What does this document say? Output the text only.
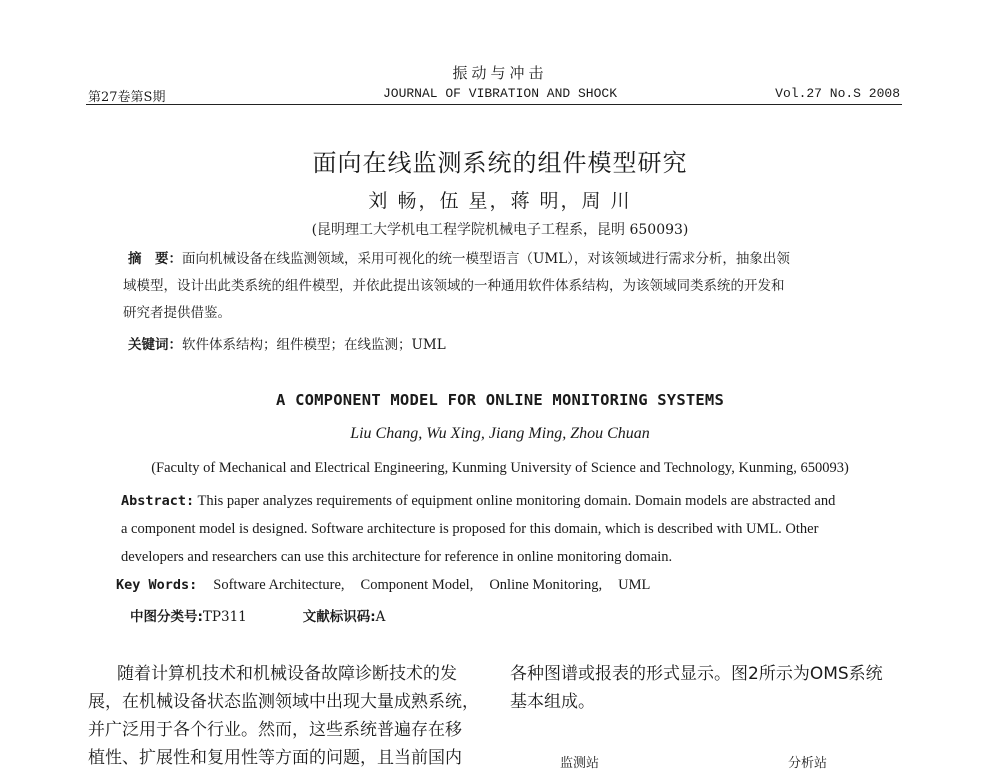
振动与冲击
第27卷第S期	JOURNAL OF VIBRATION AND SHOCK	Vol.27 No.S 2008
面向在线监测系统的组件模型研究
刘 畅，伍 星，蒋 明，周 川
(昆明理工大学机电工程学院机械电子工程系，昆明 650093)
摘　要：面向机械设备在线监测领域，采用可视化的统一模型语言（UML），对该领域进行需求分析，抽象出领
域模型，设计出此类系统的组件模型，并依此提出该领域的一种通用软件体系结构，为该领域同类系统的开发和
研究者提供借鉴。
关键词：软件体系结构；组件模型；在线监测；UML
A COMPONENT MODEL FOR ONLINE MONITORING SYSTEMS
Liu Chang, Wu Xing, Jiang Ming, Zhou Chuan
(Faculty of Mechanical and Electrical Engineering, Kunming University of Science and Technology, Kunming, 650093)
Abstract: This paper analyzes requirements of equipment online monitoring domain. Domain models are abstracted and
a component model is designed. Software architecture is proposed for this domain, which is described with UML. Other
developers and researchers can use this architecture for reference in online monitoring domain.
Key Words: Software Architecture, Component Model, Online Monitoring, UML
中图分类号:TP311	文献标识码:A
随着计算机技术和机械设备故障诊断技术的发
展，在机械设备状态监测领域中出现大量成熟系统，
并广泛用于各个行业。然而，这些系统普遍存在移
植性、扩展性和复用性等方面的问题，且当前国内
各种图谱或报表的形式显示。图2所示为OMS系统
基本组成。
监测站	分析站
